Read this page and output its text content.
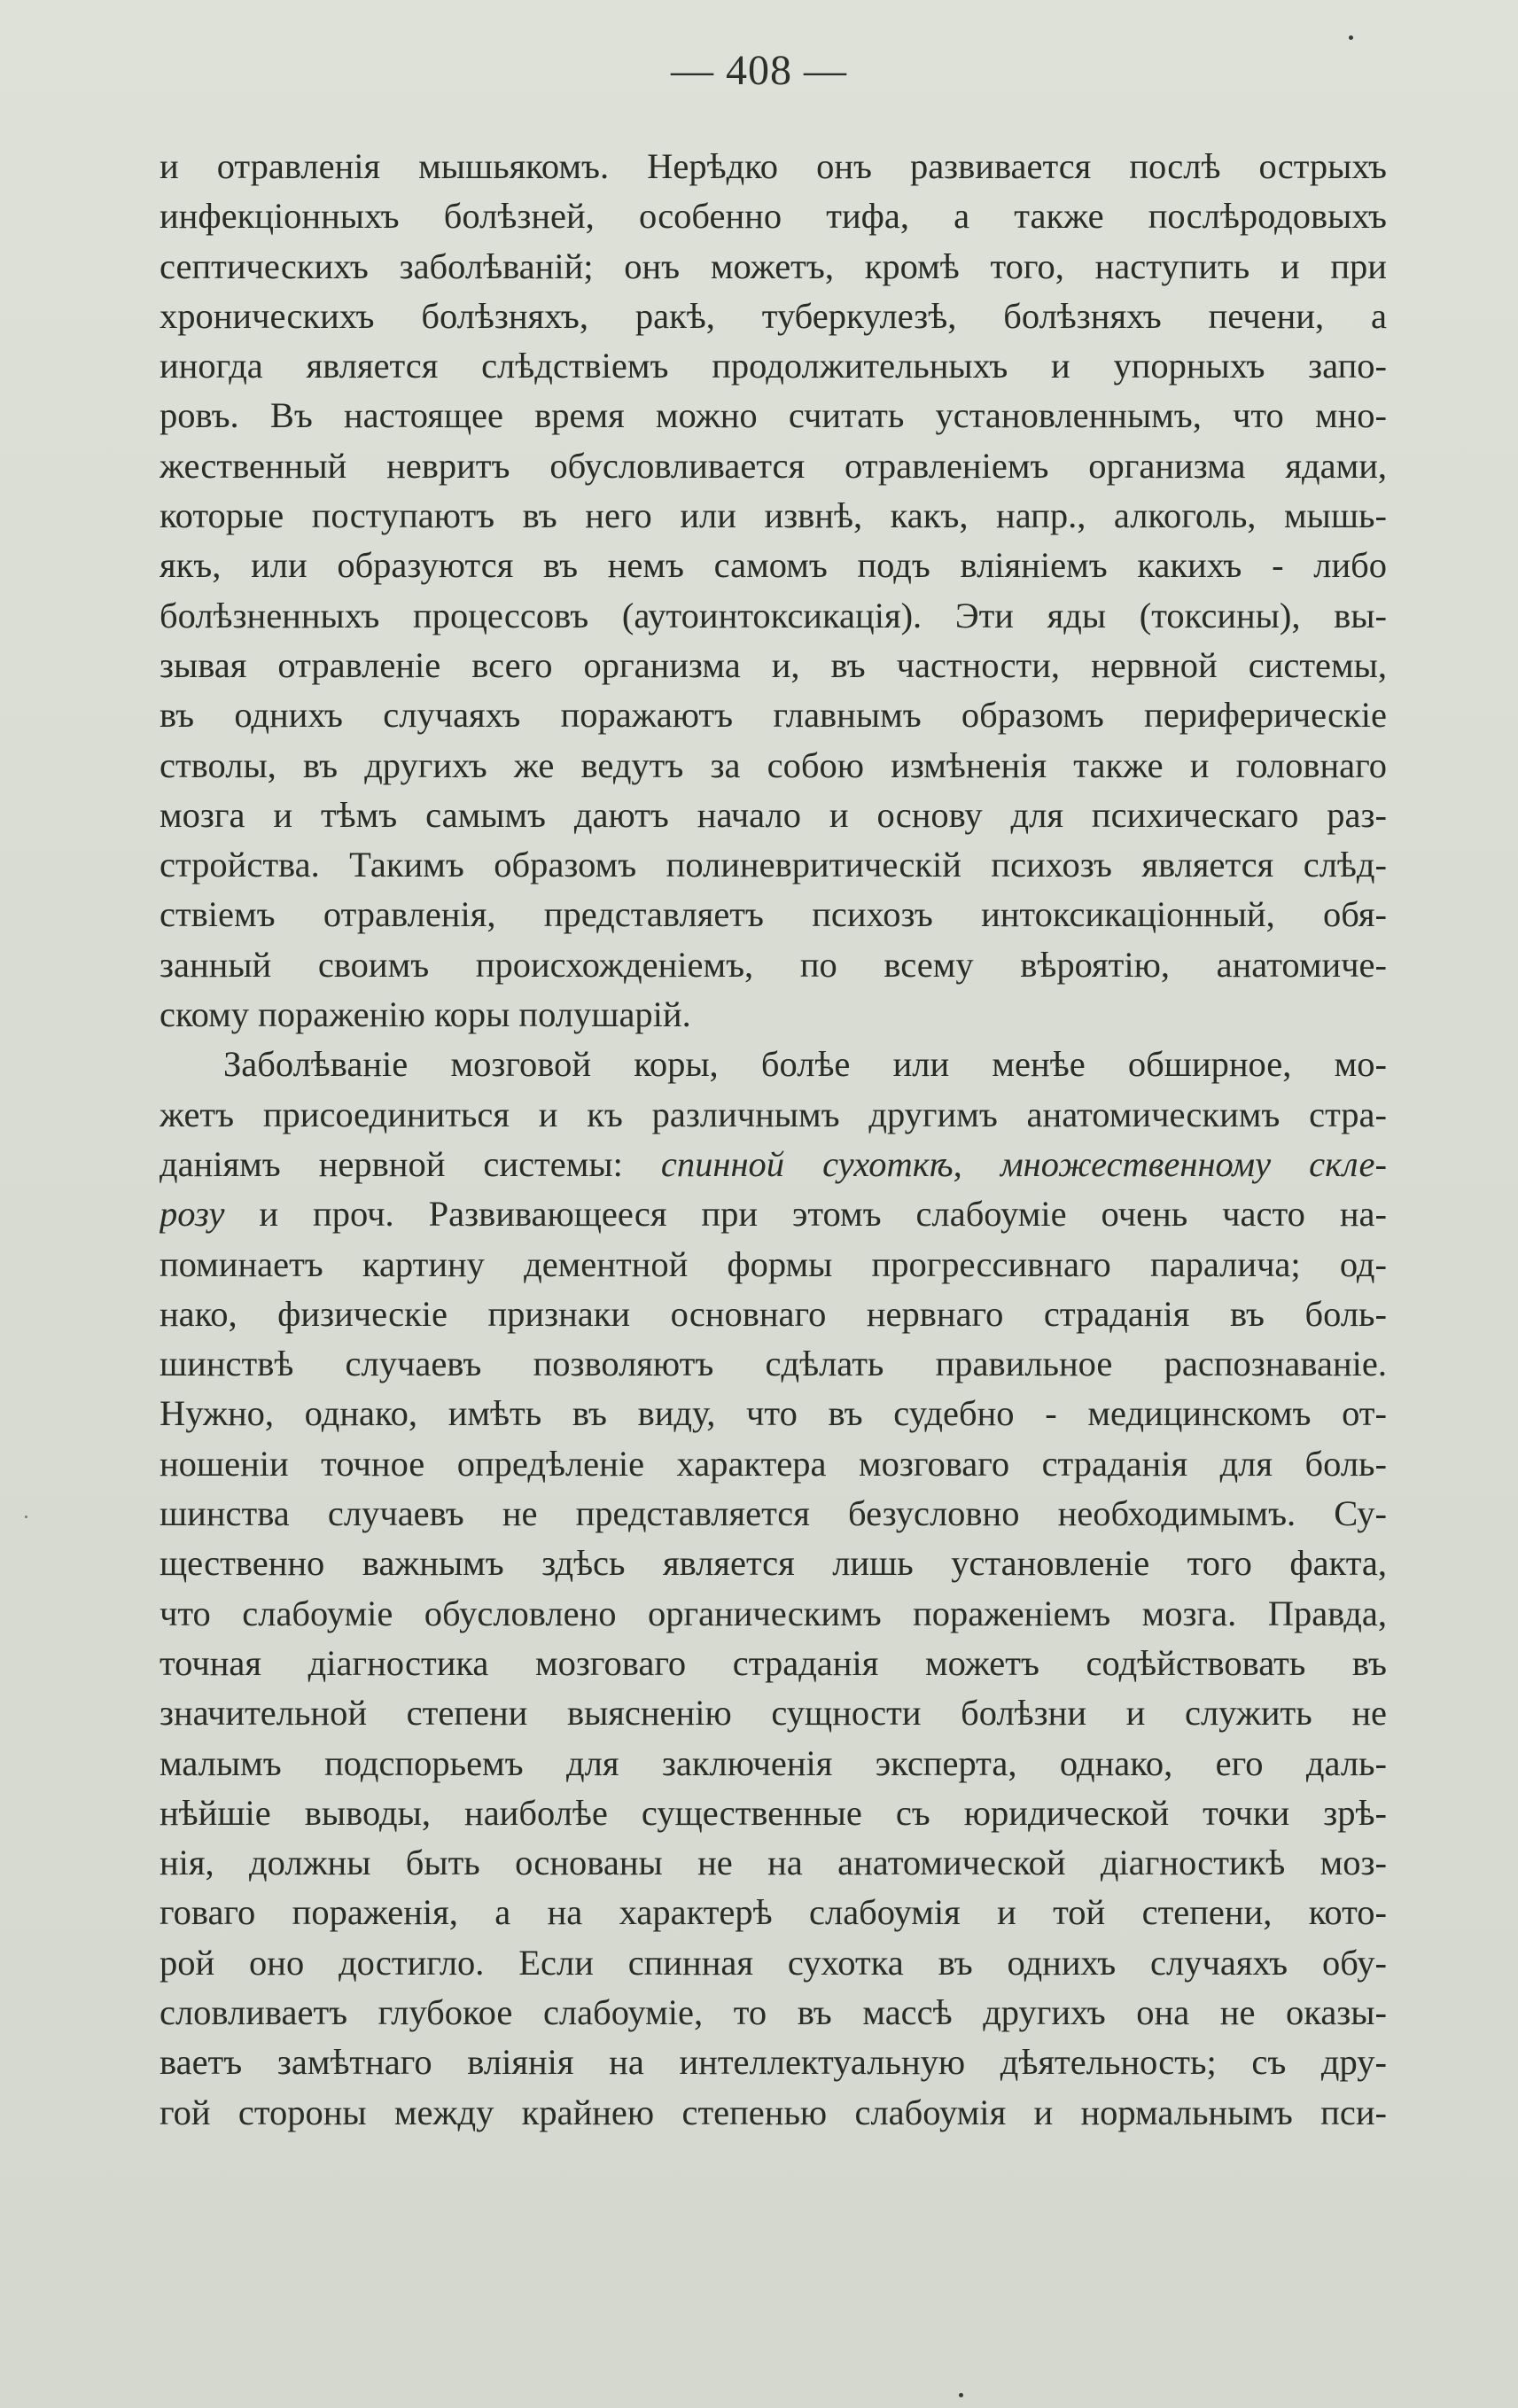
— 408 —
и отравленія мышьякомъ. Нерѣдко онъ развивается послѣ острыхъ
инфекціонныхъ болѣзней, особенно тифа, а также послѣродовыхъ
септическихъ заболѣваній; онъ можетъ, кромѣ того, наступить и при
хроническихъ болѣзняхъ, ракѣ, туберкулезѣ, болѣзняхъ печени, а
иногда является слѣдствіемъ продолжительныхъ и упорныхъ запо-
ровъ. Въ настоящее время можно считать установленнымъ, что мно-
жественный невритъ обусловливается отравленіемъ организма ядами,
которые поступаютъ въ него или извнѣ, какъ, напр., алкоголь, мышь-
якъ, или образуются въ немъ самомъ подъ вліяніемъ какихъ - либо
болѣзненныхъ процессовъ (аутоинтоксикація). Эти яды (токсины), вы-
зывая отравленіе всего организма и, въ частности, нервной системы,
въ однихъ случаяхъ поражаютъ главнымъ образомъ периферическіе
стволы, въ другихъ же ведутъ за собою измѣненія также и головнаго
мозга и тѣмъ самымъ даютъ начало и основу для психическаго раз-
стройства. Такимъ образомъ полиневритическій психозъ является слѣд-
ствіемъ отравленія, представляетъ психозъ интоксикаціонный, обя-
занный своимъ происхожденіемъ, по всему вѣроятію, анатомиче-
скому пораженію коры полушарій.
Заболѣваніе мозговой коры, болѣе или менѣе обширное, мо-
жетъ присоединиться и къ различнымъ другимъ анатомическимъ стра-
даніямъ нервной системы: спинной сухоткѣ, множественному скле-
розу и проч. Развивающееся при этомъ слабоуміе очень часто на-
поминаетъ картину дементной формы прогрессивнаго паралича; од-
нако, физическіе признаки основнаго нервнаго страданія въ боль-
шинствѣ случаевъ позволяютъ сдѣлать правильное распознаваніе.
Нужно, однако, имѣть въ виду, что въ судебно - медицинскомъ от-
ношеніи точное опредѣленіе характера мозговаго страданія для боль-
шинства случаевъ не представляется безусловно необходимымъ. Су-
щественно важнымъ здѣсь является лишь установленіе того факта,
что слабоуміе обусловлено органическимъ пораженіемъ мозга. Правда,
точная діагностика мозговаго страданія можетъ содѣйствовать въ
значительной степени выясненію сущности болѣзни и служить не
малымъ подспорьемъ для заключенія эксперта, однако, его даль-
нѣйшіе выводы, наиболѣе существенные съ юридической точки зрѣ-
нія, должны быть основаны не на анатомической діагностикѣ моз-
говаго пораженія, а на характерѣ слабоумія и той степени, кото-
рой оно достигло. Если спинная сухотка въ однихъ случаяхъ обу-
словливаетъ глубокое слабоуміе, то въ массѣ другихъ она не оказы-
ваетъ замѣтнаго вліянія на интеллектуальную дѣятельность; съ дру-
гой стороны между крайнею степенью слабоумія и нормальнымъ пси-
